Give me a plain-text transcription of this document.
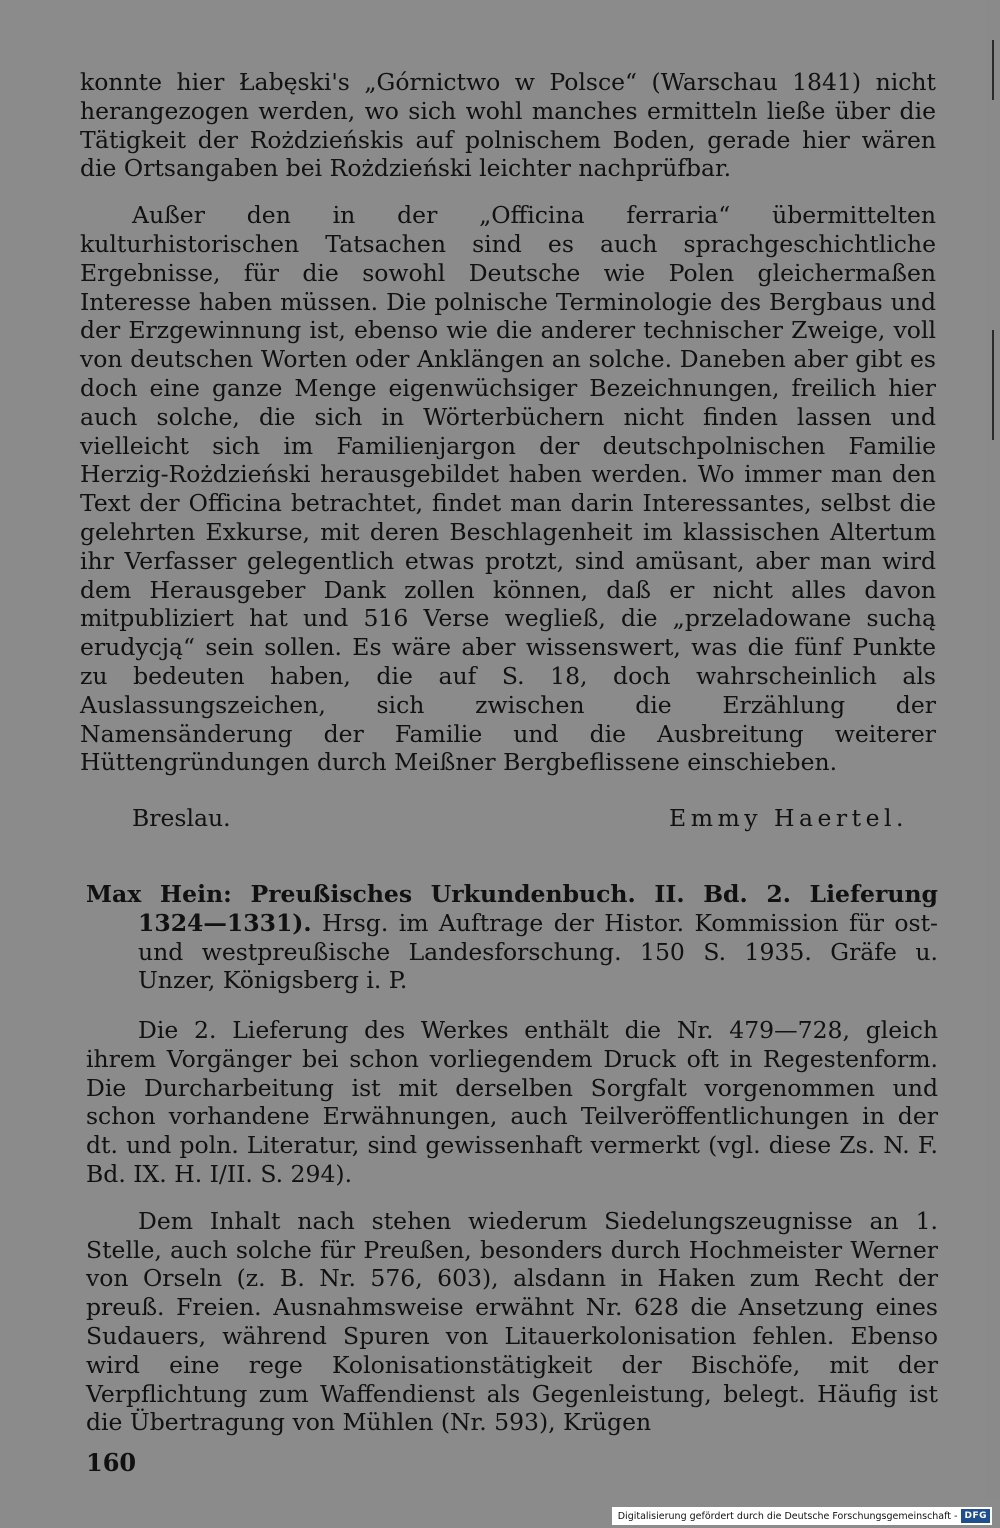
konnte hier Łabęski's „Górnictwo w Polsce“ (Warschau 1841) nicht herangezogen werden, wo sich wohl manches ermitteln ließe über die Tätigkeit der Rożdzieńskis auf polnischem Boden, gerade hier wären die Ortsangaben bei Rożdzieński leichter nachprüfbar.

Außer den in der „Officina ferraria“ übermittelten kulturhistorischen Tatsachen sind es auch sprachgeschichtliche Ergebnisse, für die sowohl Deutsche wie Polen gleichermaßen Interesse haben müssen. Die polnische Terminologie des Bergbaus und der Erzgewinnung ist, ebenso wie die anderer technischer Zweige, voll von deutschen Worten oder Anklängen an solche. Daneben aber gibt es doch eine ganze Menge eigenwüchsiger Bezeichnungen, freilich hier auch solche, die sich in Wörterbüchern nicht finden lassen und vielleicht sich im Familienjargon der deutschpolnischen Familie Herzig-Rożdzieński herausgebildet haben werden. Wo immer man den Text der Officina betrachtet, findet man darin Interessantes, selbst die gelehrten Exkurse, mit deren Beschlagenheit im klassischen Altertum ihr Verfasser gelegentlich etwas protzt, sind amüsant, aber man wird dem Herausgeber Dank zollen können, daß er nicht alles davon mitpubliziert hat und 516 Verse wegließ, die „przeladowane suchą erudycją“ sein sollen. Es wäre aber wissenswert, was die fünf Punkte zu bedeuten haben, die auf S. 18, doch wahrscheinlich als Auslassungszeichen, sich zwischen die Erzählung der Namensänderung der Familie und die Ausbreitung weiterer Hüttengründungen durch Meißner Bergbeflissene einschieben.

Breslau.	Emmy Haertel.

Max Hein: Preußisches Urkundenbuch. II. Bd. 2. Lieferung 1324—1331). Hrsg. im Auftrage der Histor. Kommission für ost- und westpreußische Landesforschung. 150 S. 1935. Gräfe u. Unzer, Königsberg i. P.

Die 2. Lieferung des Werkes enthält die Nr. 479—728, gleich ihrem Vorgänger bei schon vorliegendem Druck oft in Regestenform. Die Durcharbeitung ist mit derselben Sorgfalt vorgenommen und schon vorhandene Erwähnungen, auch Teilveröffentlichungen in der dt. und poln. Literatur, sind gewissenhaft vermerkt (vgl. diese Zs. N. F. Bd. IX. H. I/II. S. 294).

Dem Inhalt nach stehen wiederum Siedelungszeugnisse an 1. Stelle, auch solche für Preußen, besonders durch Hochmeister Werner von Orseln (z. B. Nr. 576, 603), alsdann in Haken zum Recht der preuß. Freien. Ausnahmsweise erwähnt Nr. 628 die Ansetzung eines Sudauers, während Spuren von Litauerkolonisation fehlen. Ebenso wird eine rege Kolonisationstätigkeit der Bischöfe, mit der Verpflichtung zum Waffendienst als Gegenleistung, belegt. Häufig ist die Übertragung von Mühlen (Nr. 593), Krügen

160
Digitalisierung gefördert durch die Deutsche Forschungsgemeinschaft - DFG
